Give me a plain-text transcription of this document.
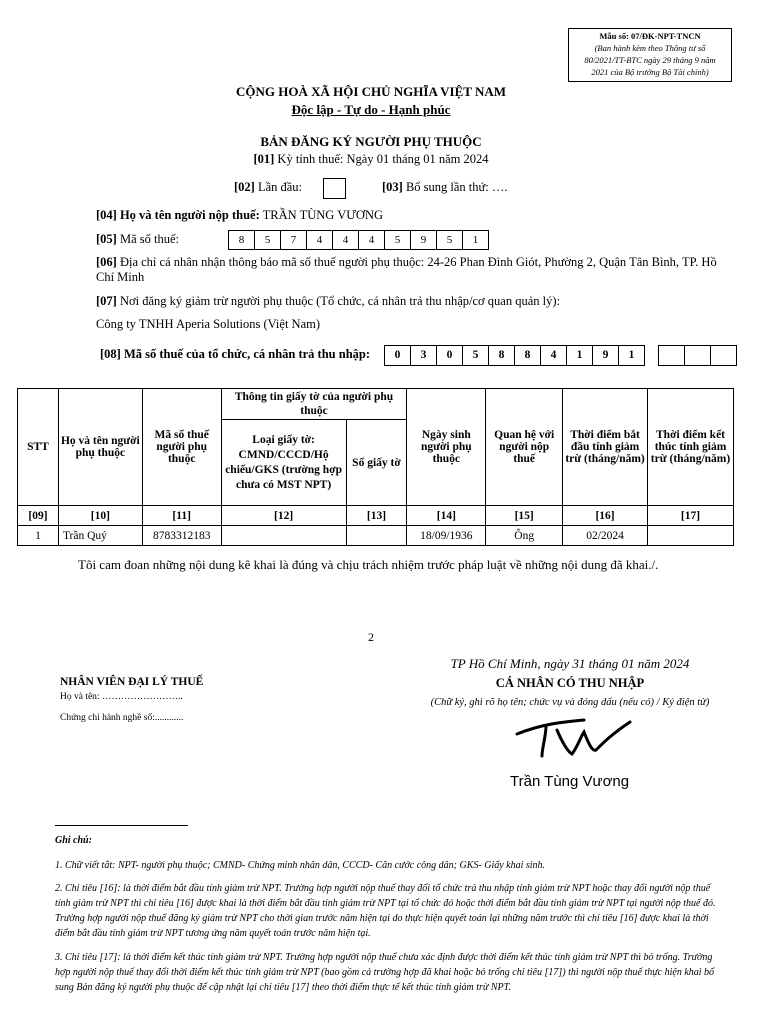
Mẫu số: 07/ĐK-NPT-TNCN
(Ban hành kèm theo Thông tư số
80/2021/TT-BTC ngày 29 tháng 9 năm
2021 của Bộ trưởng Bộ Tài chính)
CỘNG HOÀ XÃ HỘI CHỦ NGHĨA VIỆT NAM
Độc lập - Tự do - Hạnh phúc
BẢN ĐĂNG KÝ NGƯỜI PHỤ THUỘC
[01] Kỳ tính thuế: Ngày 01 tháng 01 năm 2024
[02] Lần đầu:	[03] Bổ sung lần thứ: ….
[04] Họ và tên người nộp thuế: TRẦN TÙNG VƯƠNG
[05] Mã số thuế:	8	5	7	4	4	4	5	9	5	1
[06] Địa chỉ cá nhân nhận thông báo mã số thuế người phụ thuộc: 24-26 Phan Đình Giót, Phường 2, Quận Tân Bình, TP. Hồ Chí Minh
[07] Nơi đăng ký giảm trừ người phụ thuộc (Tổ chức, cá nhân trả thu nhập/cơ quan quản lý):
Công ty TNHH Aperia Solutions (Việt Nam)
[08] Mã số thuế của tổ chức, cá nhân trả thu nhập:	0	3	0	5	8	8	4	1	9	1
STT	Họ và tên người phụ thuộc	Mã số thuế người phụ thuộc	Thông tin giấy tờ của người phụ thuộc		Ngày sinh người phụ thuộc	Quan hệ với người nộp thuế	Thời điểm bắt đầu tính giảm trừ (tháng/năm)	Thời điểm kết thúc tính giảm trừ (tháng/năm)
			Loại giấy tờ: CMND/CCCD/Hộ chiếu/GKS (trường hợp chưa có MST NPT)	Số giấy tờ				
[09]	[10]	[11]	[12]	[13]	[14]	[15]	[16]	[17]
1	Trần Quý	8783312183			18/09/1936	Ông	02/2024	
Tôi cam đoan những nội dung kê khai là đúng và chịu trách nhiệm trước pháp luật về những nội dung đã khai./.
2
NHÂN VIÊN ĐẠI LÝ THUẾ
Họ và tên: ……………………..
Chứng chỉ hành nghề số:............
TP Hồ Chí Minh, ngày 31 tháng 01 năm 2024
CÁ NHÂN CÓ THU NHẬP
(Chữ ký, ghi rõ họ tên; chức vụ và đóng dấu (nếu có) / Ký điện tử)
Trần Tùng Vương

Ghi chú:

1. Chữ viết tắt: NPT- người phụ thuộc; CMND- Chứng minh nhân dân, CCCD- Căn cước công dân; GKS- Giấy khai sinh.

2. Chỉ tiêu [16]: là thời điểm bắt đầu tính giảm trừ NPT. Trường hợp người nộp thuế thay đổi tổ chức trả thu nhập tính giảm trừ NPT hoặc thay đổi người nộp thuế tính giảm trừ NPT thì chỉ tiêu [16] được khai là thời điểm bắt đầu tính giảm trừ NPT tại tổ chức đó hoặc thời điểm bắt đầu tính giảm trừ NPT tại người nộp thuế đó. Trường hợp người nộp thuế đăng ký giảm trừ NPT cho thời gian trước năm hiện tại do thực hiện quyết toán lại những năm trước thì chỉ tiêu [16] được khai là thời điểm bắt đầu tính giảm trừ NPT tương ứng năm quyết toán trước năm hiện tại.

3. Chỉ tiêu [17]: là thời điểm kết thúc tính giảm trừ NPT. Trường hợp người nộp thuế chưa xác định được thời điểm kết thúc tính giảm trừ NPT thì bỏ trống. Trường hợp người nộp thuế thay đổi thời điểm kết thúc tính giảm trừ NPT (bao gồm cả trường hợp đã khai hoặc bỏ trống chỉ tiêu [17]) thì người nộp thuế thực hiện khai bổ sung Bản đăng ký người phụ thuộc để cập nhật lại chỉ tiêu [17] theo thời điểm thực tế kết thúc tính giảm trừ NPT.
